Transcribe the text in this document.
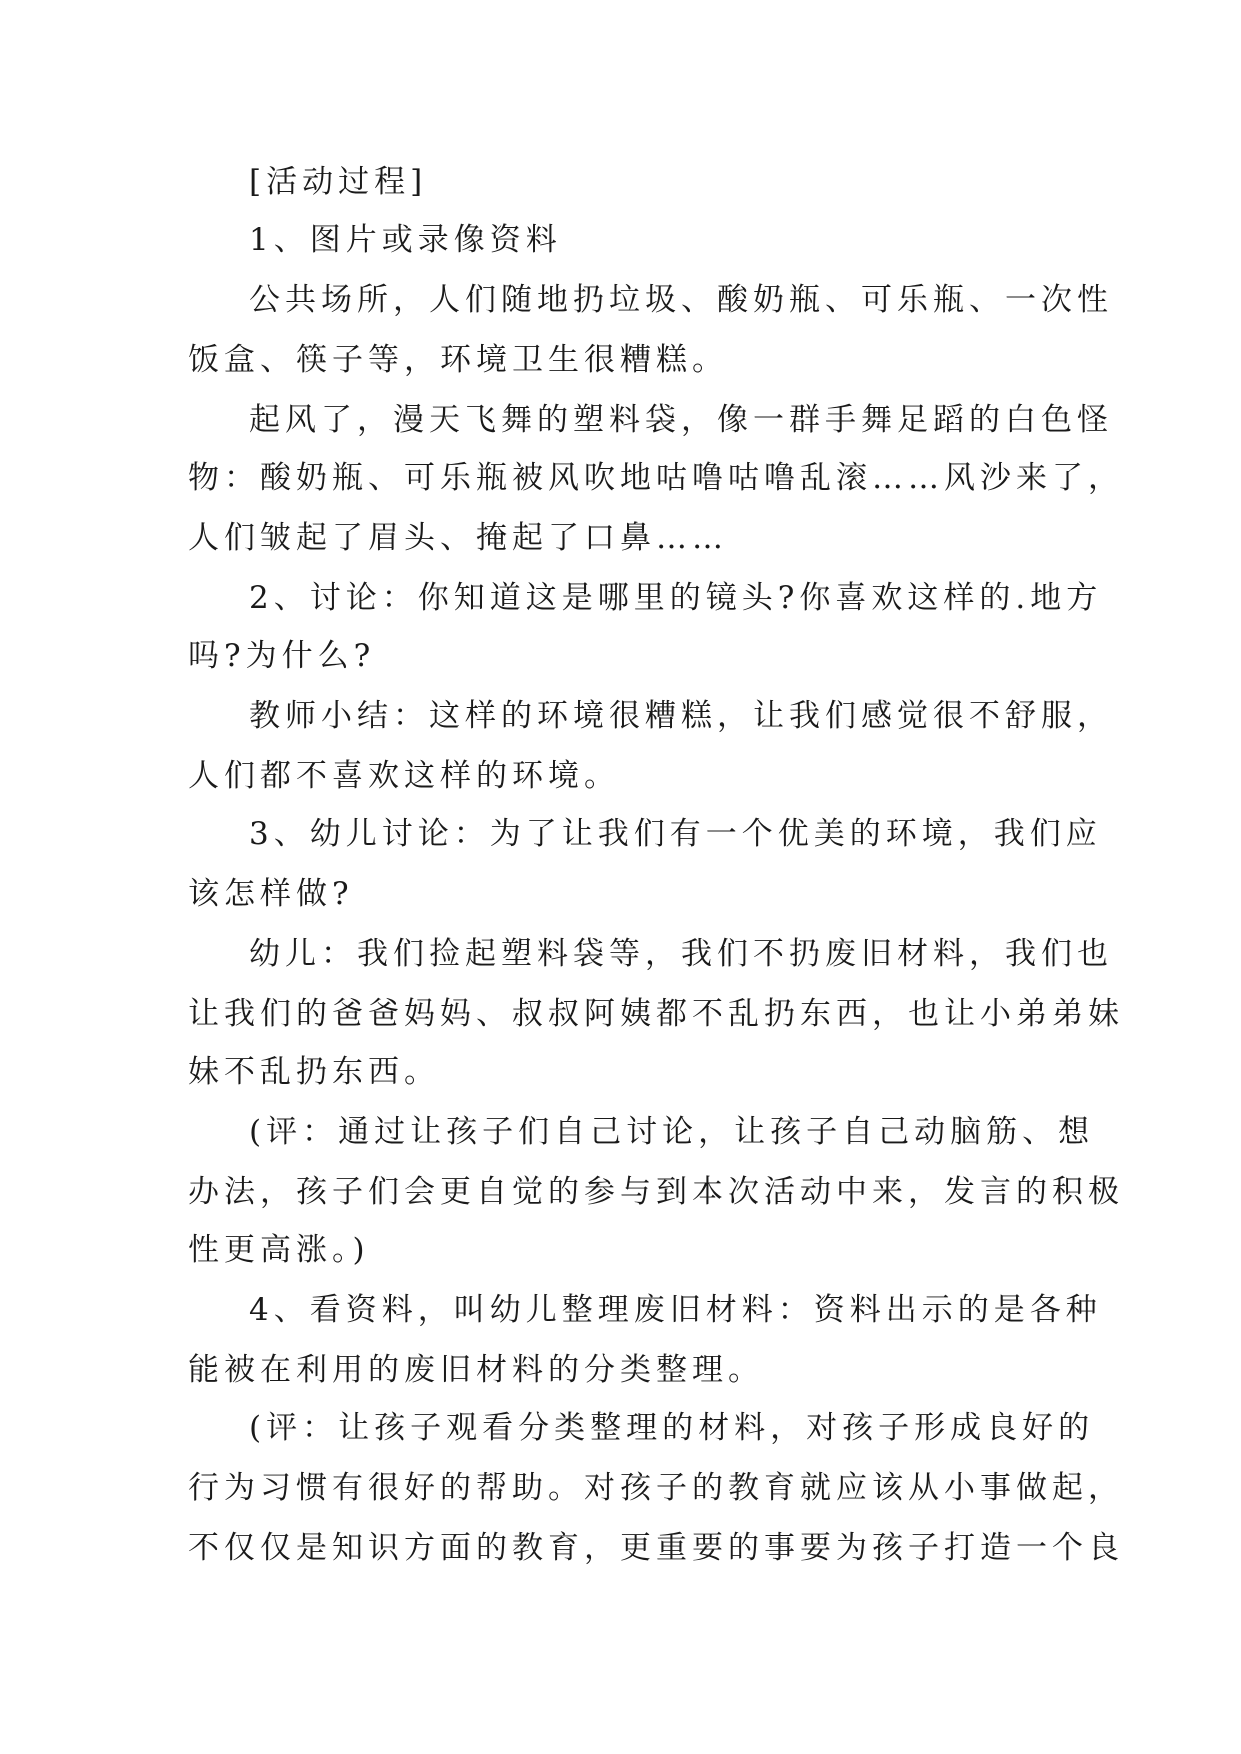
[活动过程]
1、图片或录像资料
公共场所，人们随地扔垃圾、酸奶瓶、可乐瓶、一次性
饭盒、筷子等，环境卫生很糟糕。
起风了，漫天飞舞的塑料袋，像一群手舞足蹈的白色怪
物：酸奶瓶、可乐瓶被风吹地咕噜咕噜乱滚……风沙来了，
人们皱起了眉头、掩起了口鼻……
2、讨论：你知道这是哪里的镜头?你喜欢这样的.地方
吗?为什么?
教师小结：这样的环境很糟糕，让我们感觉很不舒服，
人们都不喜欢这样的环境。
3、幼儿讨论：为了让我们有一个优美的环境，我们应
该怎样做?
幼儿：我们捡起塑料袋等，我们不扔废旧材料，我们也
让我们的爸爸妈妈、叔叔阿姨都不乱扔东西，也让小弟弟妹
妹不乱扔东西。
(评：通过让孩子们自己讨论，让孩子自己动脑筋、想
办法，孩子们会更自觉的参与到本次活动中来，发言的积极
性更高涨。)
4、看资料，叫幼儿整理废旧材料：资料出示的是各种
能被在利用的废旧材料的分类整理。
(评：让孩子观看分类整理的材料，对孩子形成良好的
行为习惯有很好的帮助。对孩子的教育就应该从小事做起，
不仅仅是知识方面的教育，更重要的事要为孩子打造一个良
